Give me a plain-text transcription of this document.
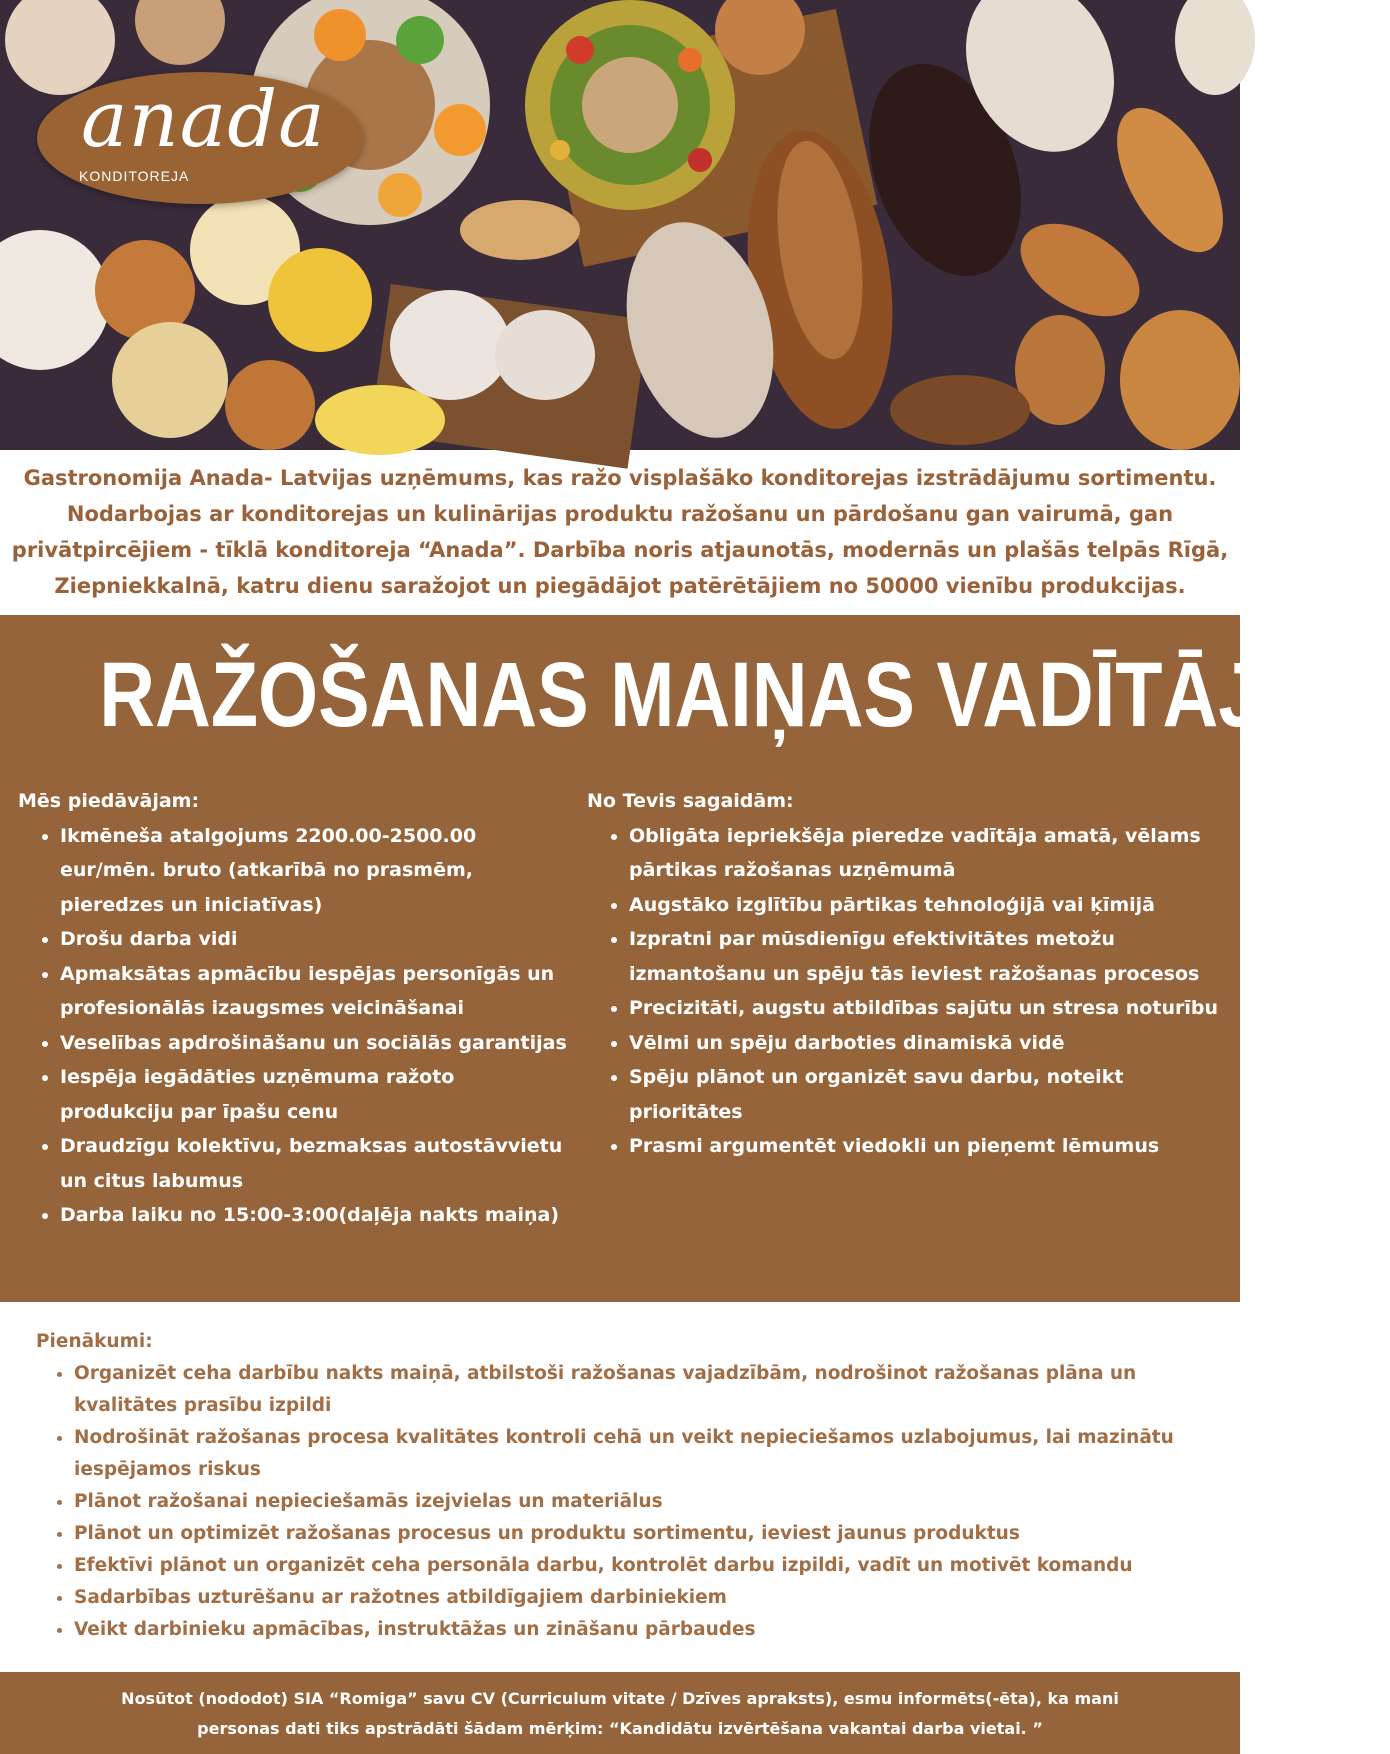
anada
KONDITOREJA

Gastronomija Anada- Latvijas uzņēmums, kas ražo visplašāko konditorejas izstrādājumu sortimentu. Nodarbojas ar konditorejas un kulinārijas produktu ražošanu un pārdošanu gan vairumā, gan privātpircējiem - tīklā konditoreja “Anada”. Darbība noris atjaunotās, modernās un plašās telpās Rīgā, Ziepniekkalnā, katru dienu saražojot un piegādājot patērētājiem no 50000 vienību produkcijas.

RAŽOŠANAS MAIŅAS VADĪTĀJS/A

Mēs piedāvājam:

• Ikmēneša atalgojums 2200.00-2500.00 eur/mēn. bruto (atkarībā no prasmēm, pieredzes un iniciatīvas)
• Drošu darba vidi
• Apmaksātas apmācību iespējas personīgās un profesionālās izaugsmes veicināšanai
• Veselības apdrošināšanu un sociālās garantijas
• Iespēja iegādāties uzņēmuma ražoto produkciju par īpašu cenu
• Draudzīgu kolektīvu, bezmaksas autostāvvietu un citus labumus
• Darba laiku no 15:00-3:00(daļēja nakts maiņa)

No Tevis sagaidām:

• Obligāta iepriekšēja pieredze vadītāja amatā, vēlams pārtikas ražošanas uzņēmumā
• Augstāko izglītību pārtikas tehnoloģijā vai ķīmijā
• Izpratni par mūsdienīgu efektivitātes metožu izmantošanu un spēju tās ieviest ražošanas procesos
• Precizitāti, augstu atbildības sajūtu un stresa noturību
• Vēlmi un spēju darboties dinamiskā vidē
• Spēju plānot un organizēt savu darbu, noteikt prioritātes
• Prasmi argumentēt viedokli un pieņemt lēmumus

Pienākumi:

• Organizēt ceha darbību nakts maiņā, atbilstoši ražošanas vajadzībām, nodrošinot ražošanas plāna un kvalitātes prasību izpildi
• Nodrošināt ražošanas procesa kvalitātes kontroli cehā un veikt nepieciešamos uzlabojumus, lai mazinātu iespējamos riskus
• Plānot ražošanai nepieciešamās izejvielas un materiālus
• Plānot un optimizēt ražošanas procesus un produktu sortimentu, ieviest jaunus produktus
• Efektīvi plānot un organizēt ceha personāla darbu, kontrolēt darbu izpildi, vadīt un motivēt komandu
• Sadarbības uzturēšanu ar ražotnes atbildīgajiem darbiniekiem
• Veikt darbinieku apmācības, instruktāžas un zināšanu pārbaudes

Nosūtot (nododot) SIA “Romiga” savu CV (Curriculum vitate / Dzīves apraksts), esmu informēts(-ēta), ka mani personas dati tiks apstrādāti šādam mērķim: “Kandidātu izvērtēšana vakantai darba vietai. ”
